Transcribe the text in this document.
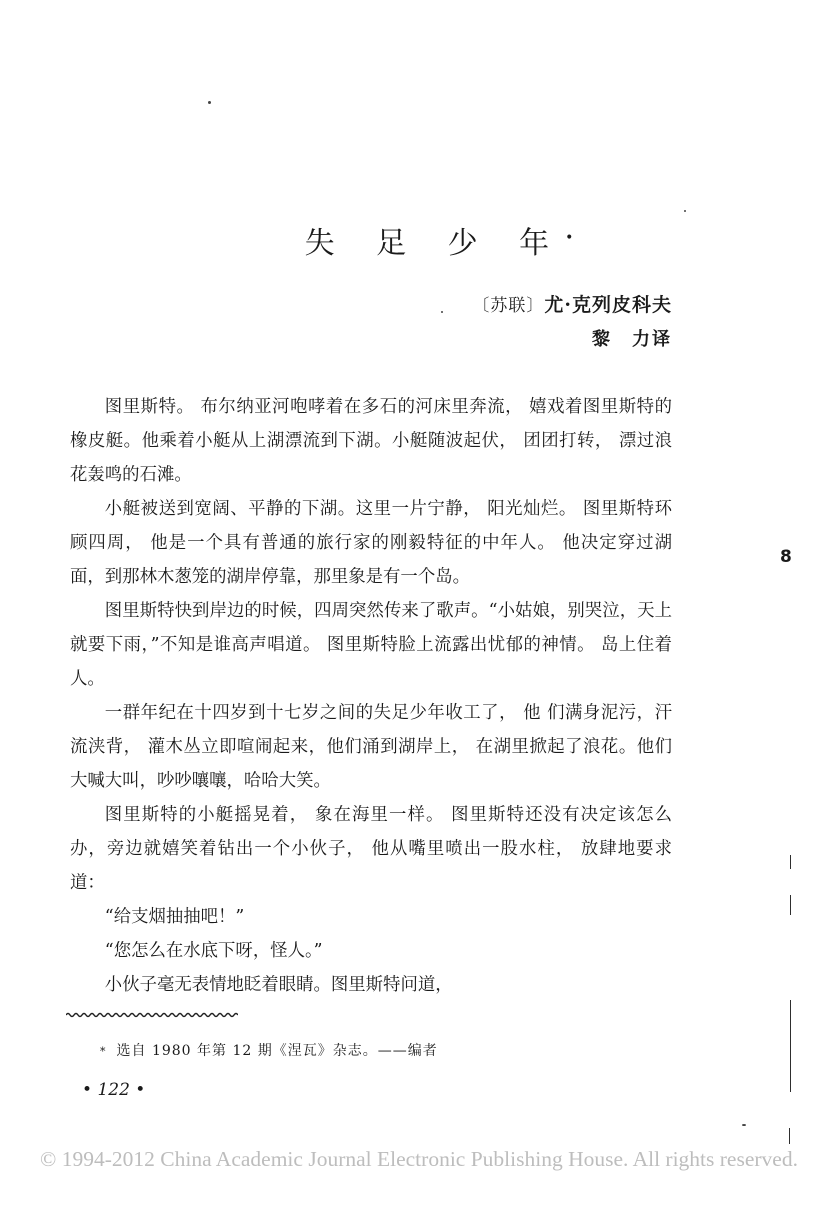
失 足 少 年•
〔苏联〕尤·克列皮科夫
黎　力译

图里斯特。 布尔纳亚河咆哮着在多石的河床里奔流， 嬉戏着图里斯特的橡皮艇。他乘着小艇从上湖漂流到下湖。小艇随波起伏， 团团打转， 漂过浪花轰鸣的石滩。

小艇被送到宽阔、平静的下湖。这里一片宁静， 阳光灿烂。 图里斯特环顾四周， 他是一个具有普通的旅行家的刚毅特征的中年人。 他决定穿过湖面，到那林木葱笼的湖岸停靠，那里象是有一个岛。

图里斯特快到岸边的时候，四周突然传来了歌声。“小姑娘，别哭泣，天上就要下雨，”不知是谁高声唱道。 图里斯特脸上流露出忧郁的神情。 岛上住着人。

一群年纪在十四岁到十七岁之间的失足少年收工了， 他 们满身泥污，汗流浃背， 灌木丛立即喧闹起来，他们涌到湖岸上， 在湖里掀起了浪花。他们大喊大叫，吵吵嚷嚷，哈哈大笑。

图里斯特的小艇摇晃着， 象在海里一样。 图里斯特还没有决定该怎么办，旁边就嬉笑着钻出一个小伙子， 他从嘴里喷出一股水柱， 放肆地要求道：

“给支烟抽抽吧！”

“您怎么在水底下呀，怪人。”

小伙子毫无表情地眨着眼睛。图里斯特问道，

8
* 选自 1980 年第 12 期《涅瓦》杂志。——编者
• 122 •
© 1994-2012 China Academic Journal Electronic Publishing House. All rights reserved.
